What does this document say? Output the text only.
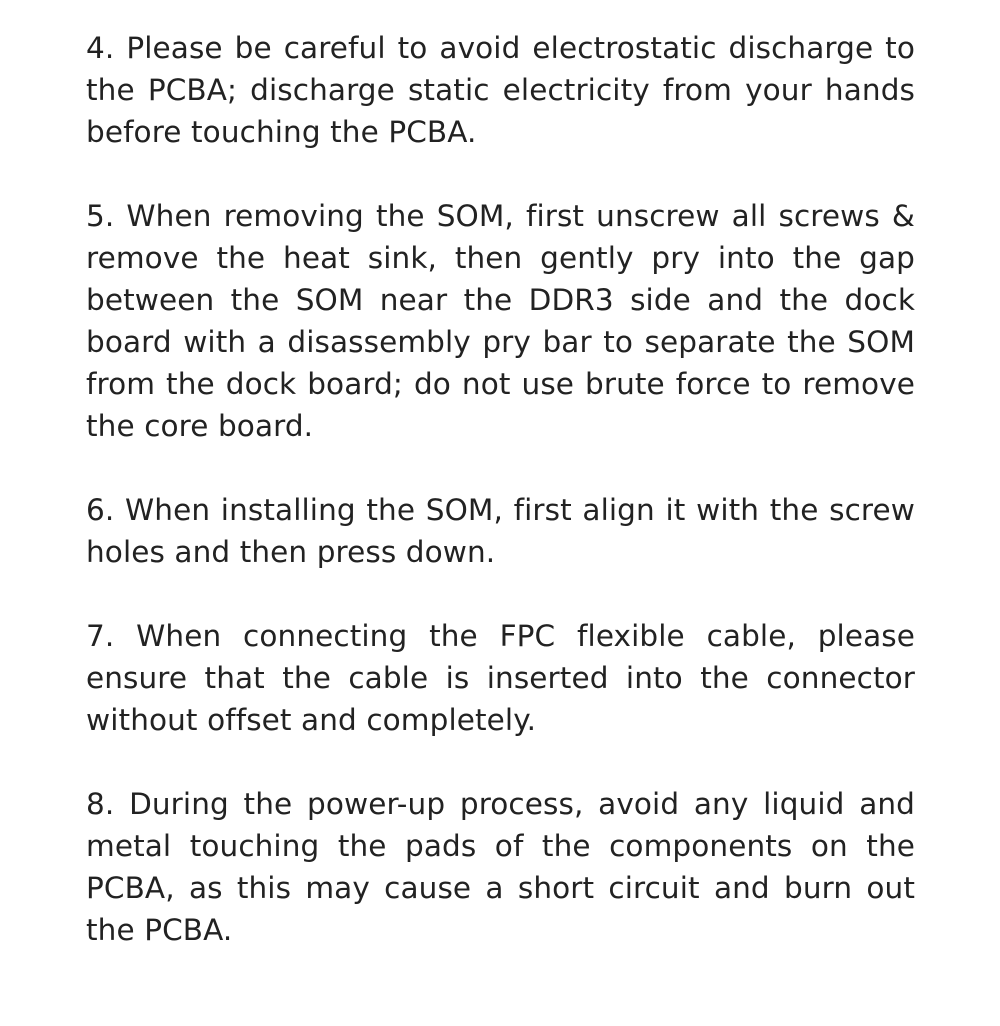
4. Please be careful to avoid electrostatic discharge to the PCBA; discharge static electricity from your hands before touching the PCBA.

5. When removing the SOM, first unscrew all screws & remove the heat sink, then gently pry into the gap between the SOM near the DDR3 side and the dock board with a disassembly pry bar to separate the SOM from the dock board; do not use brute force to remove the core board.

6. When installing the SOM, first align it with the screw holes and then press down.

7. When connecting the FPC flexible cable, please ensure that the cable is inserted into the connector without offset and completely.

8. During the power-up process, avoid any liquid and metal touching the pads of the components on the PCBA, as this may cause a short circuit and burn out the PCBA.
